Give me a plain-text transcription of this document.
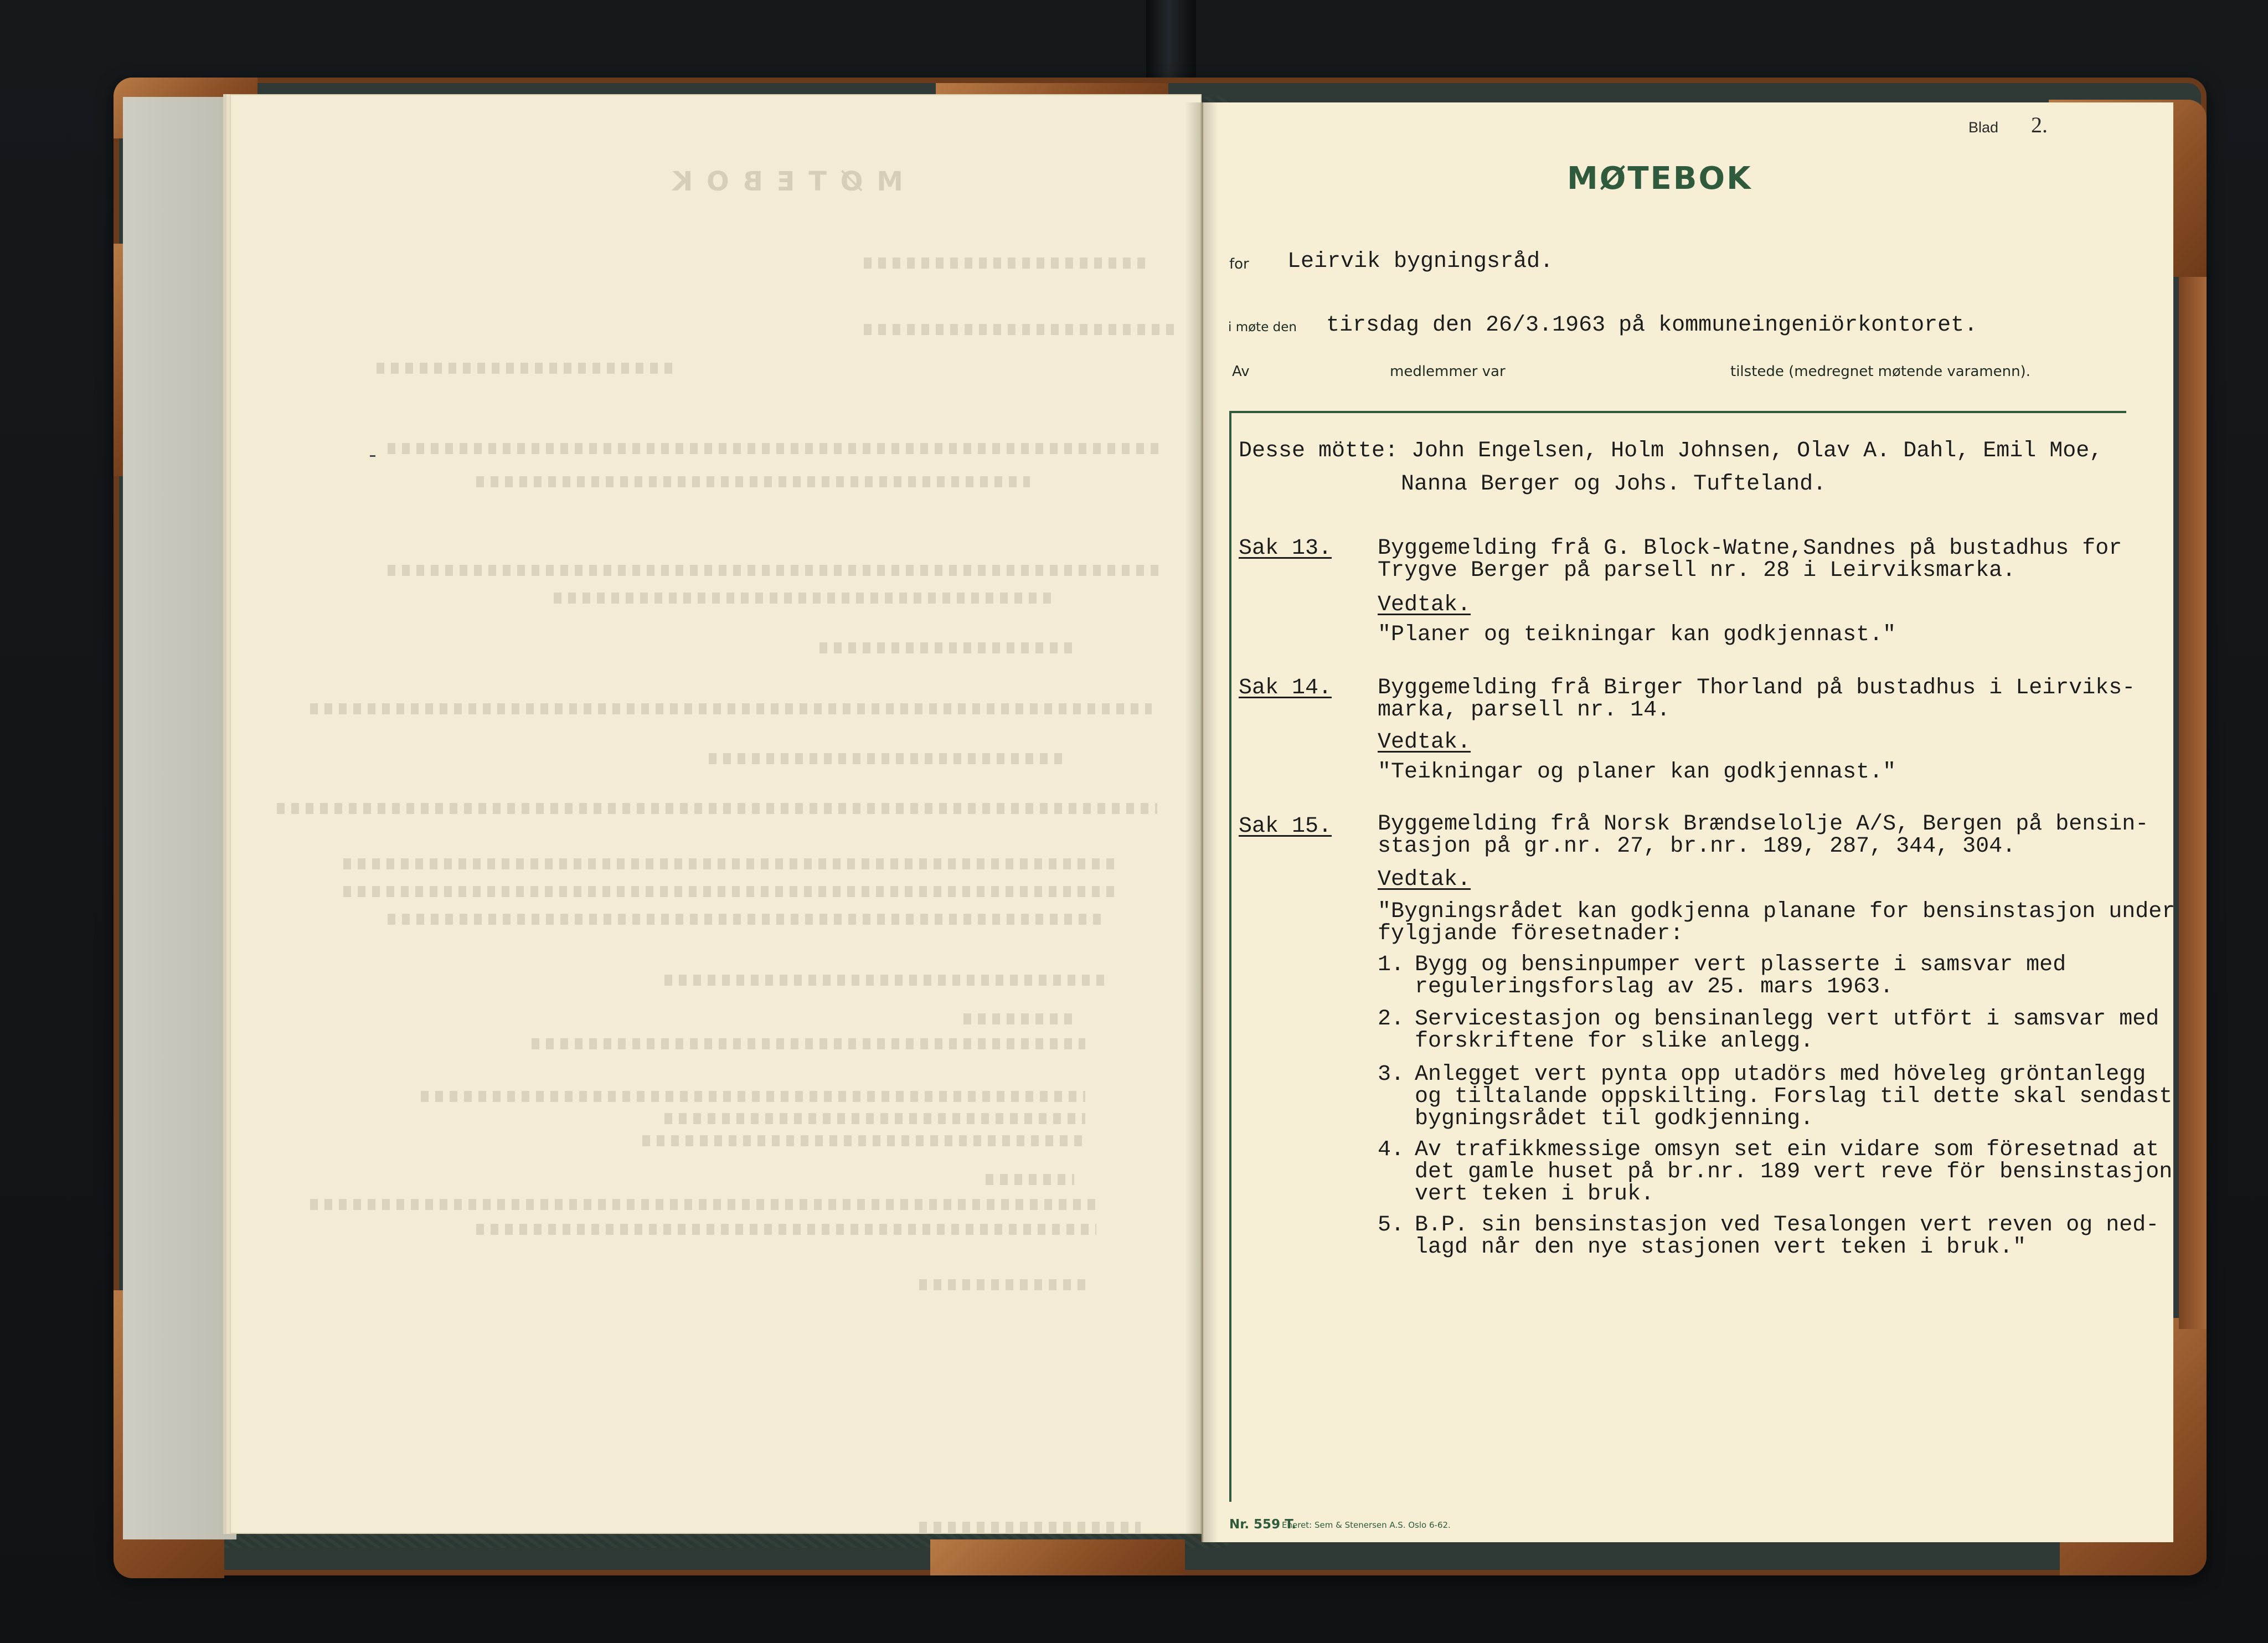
M Ø T E B O K
Blad 2.
MØTEBOK
for Leirvik bygningsråd.
i møte den tirsdag den 26/3.1963 på kommuneingeniörkontoret.
Av	medlemmer var	tilstede (medregnet møtende varamenn).
Desse mötte: John Engelsen, Holm Johnsen, Olav A. Dahl, Emil Moe,
Nanna Berger og Johs. Tufteland.
Sak 13. Byggemelding frå G. Block-Watne,Sandnes på bustadhus for
Trygve Berger på parsell nr. 28 i Leirviksmarka.
Vedtak.
"Planer og teikningar kan godkjennast."
Sak 14. Byggemelding frå Birger Thorland på bustadhus i Leirviks-
marka, parsell nr. 14.
Vedtak.
"Teikningar og planer kan godkjennast."
Sak 15. Byggemelding frå Norsk Brændselolje A/S, Bergen på bensin-
stasjon på gr.nr. 27, br.nr. 189, 287, 344, 304.
Vedtak.
"Bygningsrådet kan godkjenna planane for bensinstasjon under
fylgjande föresetnader:
1. Bygg og bensinpumper vert plasserte i samsvar med
reguleringsforslag av 25. mars 1963.
2. Servicestasjon og bensinanlegg vert utfört i samsvar med
forskriftene for slike anlegg.
3. Anlegget vert pynta opp utadörs med höveleg gröntanlegg
og tiltalande oppskilting. Forslag til dette skal sendast
bygningsrådet til godkjenning.
4. Av trafikkmessige omsyn set ein vidare som föresetnad at
det gamle huset på br.nr. 189 vert reve för bensinstasjon
vert teken i bruk.
5. B.P. sin bensinstasjon ved Tesalongen vert reven og ned-
lagd når den nye stasjonen vert teken i bruk."
Nr. 559 T.
Eneret: Sem & Stenersen A.S. Oslo 6-62.
